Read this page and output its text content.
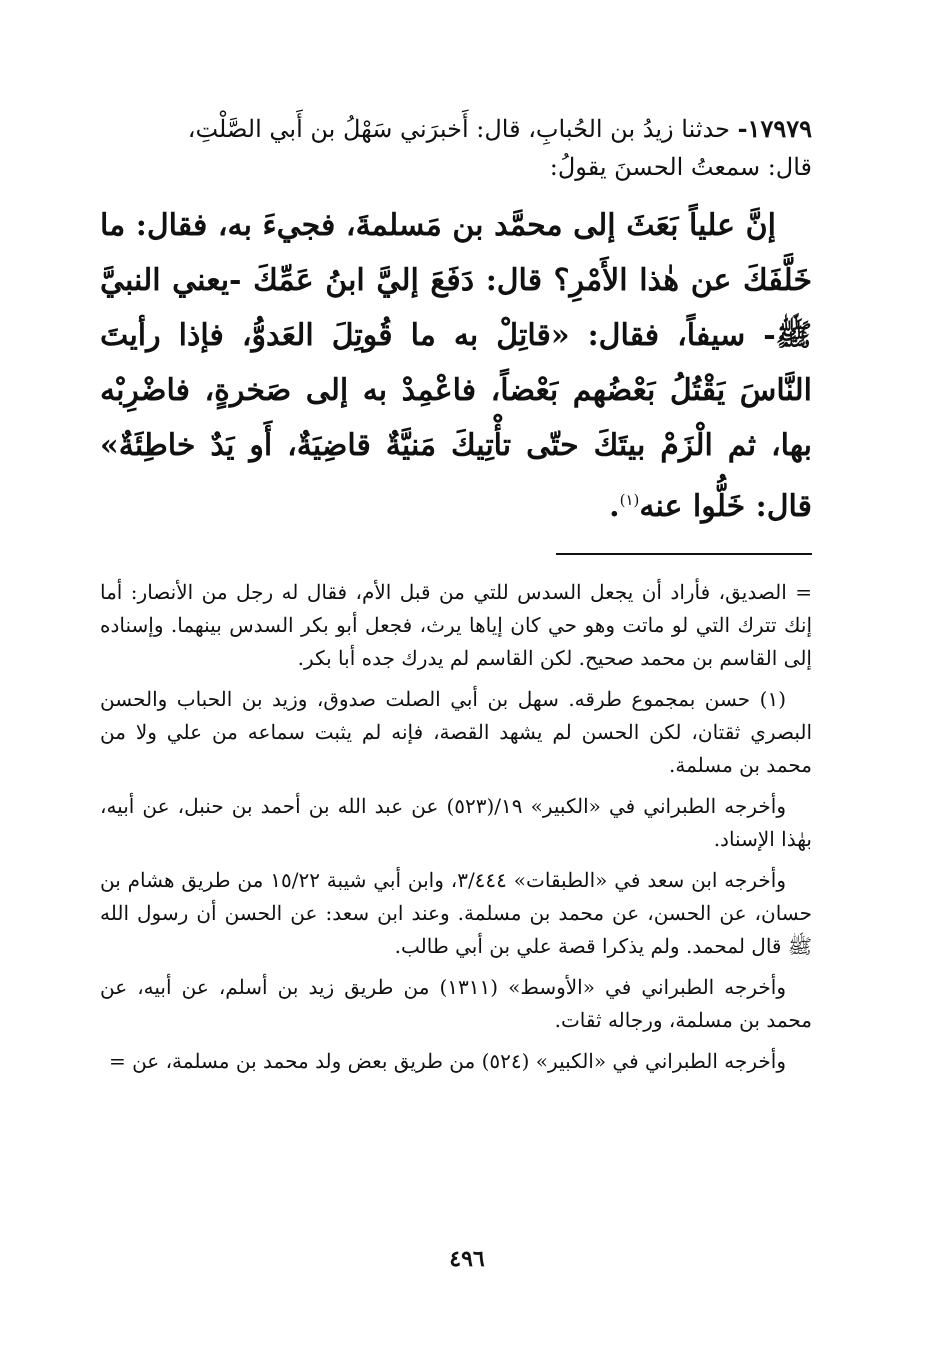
١٧٩٧٩- حدثنا زيدُ بن الحُبابِ، قال: أَخبرَني سَهْلُ بن أَبي الصَّلْتِ،

قال: سمعتُ الحسنَ يقولُ:

إنَّ علياً بَعَثَ إلى محمَّد بن مَسلمةَ، فجيءَ به، فقال: ما خَلَّفَكَ عن هٰذا الأَمْرِ؟ قال: دَفَعَ إليَّ ابنُ عَمِّكَ -يعني النبيَّ ﷺ- سيفاً، فقال: «قاتِلْ به ما قُوتِلَ العَدوُّ، فإذا رأيتَ النَّاسَ يَقْتُلُ بَعْضُهم بَعْضاً، فاعْمِدْ به إلى صَخرةٍ، فاضْرِبْه بها، ثم الْزَمْ بيتَكَ حتّى تأْتِيكَ مَنيَّةٌ قاضِيَةٌ، أَو يَدٌ خاطِئَةٌ» قال: خَلُّوا عنه$^{(١)}$.

= الصديق، فأراد أن يجعل السدس للتي من قبل الأم، فقال له رجل من الأنصار: أما إنك تترك التي لو ماتت وهو حي كان إياها يرث، فجعل أبو بكر السدس بينهما. وإسناده إلى القاسم بن محمد صحيح. لكن القاسم لم يدرك جده أبا بكر.

(١) حسن بمجموع طرقه. سهل بن أبي الصلت صدوق، وزيد بن الحباب والحسن البصري ثقتان، لكن الحسن لم يشهد القصة، فإنه لم يثبت سماعه من علي ولا من محمد بن مسلمة.

وأخرجه الطبراني في «الكبير» ١٩/(٥٢٣) عن عبد الله بن أحمد بن حنبل، عن أبيه، بهٰذا الإسناد.

وأخرجه ابن سعد في «الطبقات» ٣/٤٤٤، وابن أبي شيبة ١٥/٢٢ من طريق هشام بن حسان، عن الحسن، عن محمد بن مسلمة. وعند ابن سعد: عن الحسن أن رسول الله ﷺ قال لمحمد. ولم يذكرا قصة علي بن أبي طالب.

وأخرجه الطبراني في «الأوسط» (١٣١١) من طريق زيد بن أسلم، عن أبيه، عن محمد بن مسلمة، ورجاله ثقات.

وأخرجه الطبراني في «الكبير» (٥٢٤) من طريق بعض ولد محمد بن مسلمة، عن =

٤٩٦
